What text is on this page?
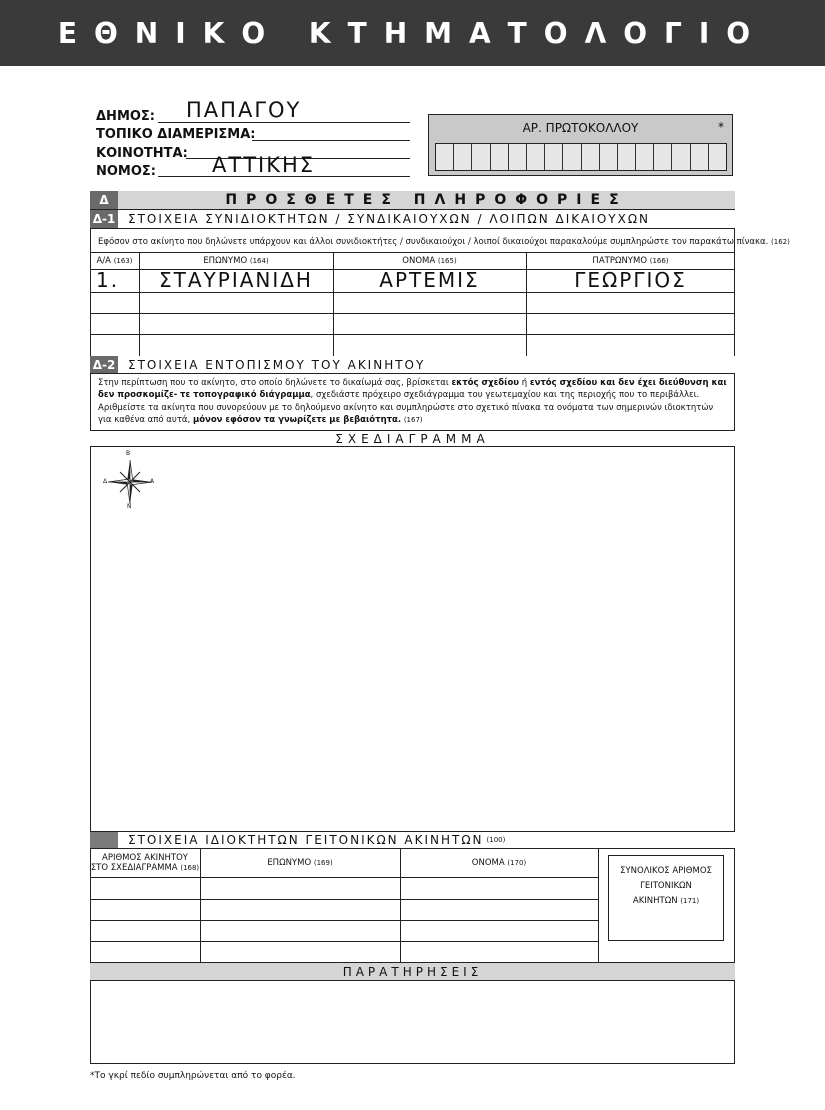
ΕΘΝΙΚΟ ΚΤΗΜΑΤΟΛΟΓΙΟ
ΔΗΜΟΣ: ΠΑΠΑΓΟΥ
ΤΟΠΙΚΟ ΔΙΑΜΕΡΙΣΜΑ:
ΚΟΙΝΟΤΗΤΑ:
ΝΟΜΟΣ:	ΑΤΤΙΚΗΣ
ΑΡ. ΠΡΩΤΟΚΟΛΛΟΥ	*
Δ	ΠΡΟΣΘΕΤΕΣ ΠΛΗΡΟΦΟΡΙΕΣ
Δ-1	ΣΤΟΙΧΕΙΑ ΣΥΝΙΔΙΟΚΤΗΤΩΝ / ΣΥΝΔΙΚΑΙΟΥΧΩΝ / ΛΟΙΠΩΝ ΔΙΚΑΙΟΥΧΩΝ
Εφόσον στο ακίνητο που δηλώνετε υπάρχουν και άλλοι συνιδιοκτήτες / συνδικαιούχοι / λοιποί δικαιούχοι παρακαλούμε συμπληρώστε τον παρακάτω πίνακα. (162)
Α/Α (163)	ΕΠΩΝΥΜΟ (164)	ΟΝΟΜΑ (165)	ΠΑΤΡΩΝΥΜΟ (166)
1.	ΣΤΑΥΡΙΑΝΙΔΗ	ΑΡΤΕΜΙΣ	ΓΕΩΡΓΙΟΣ
Δ-2	ΣΤΟΙΧΕΙΑ ΕΝΤΟΠΙΣΜΟΥ ΤΟΥ ΑΚΙΝΗΤΟΥ
Στην περίπτωση που το ακίνητο, στο οποίο δηλώνετε το δικαίωμά σας, βρίσκεται εκτός σχεδίου ή εντός σχεδίου και δεν έχει διεύθυνση και δεν προσκομίζε- τε τοπογραφικό διάγραμμα, σχεδιάστε πρόχειρο σχεδιάγραμμα του γεωτεμαχίου και της περιοχής που το περιβάλλει.
Αριθμείστε τα ακίνητα που συνορεύουν με το δηλούμενο ακίνητο και συμπληρώστε στο σχετικό πίνακα τα ονόματα των σημερινών ιδιοκτητών για καθένα από αυτά, μόνον εφόσον τα γνωρίζετε με βεβαιότητα. (167)
ΣΧΕΔΙΑΓΡΑΜΜΑ
Β
Ν
Δ	Α
ΣΤΟΙΧΕΙΑ ΙΔΙΟΚΤΗΤΩΝ ΓΕΙΤΟΝΙΚΩΝ ΑΚΙΝΗΤΩΝ (100)
ΑΡΙΘΜΟΣ ΑΚΙΝΗΤΟΥ
ΣΤΟ ΣΧΕΔΙΑΓΡΑΜΜΑ (168)	ΕΠΩΝΥΜΟ (169)	ΟΝΟΜΑ (170)
ΣΥΝΟΛΙΚΟΣ ΑΡΙΘΜΟΣ
ΓΕΙΤΟΝΙΚΩΝ
ΑΚΙΝΗΤΩΝ (171)
ΠΑΡΑΤΗΡΗΣΕΙΣ
*Το γκρί πεδίο συμπληρώνεται από το φορέα.
